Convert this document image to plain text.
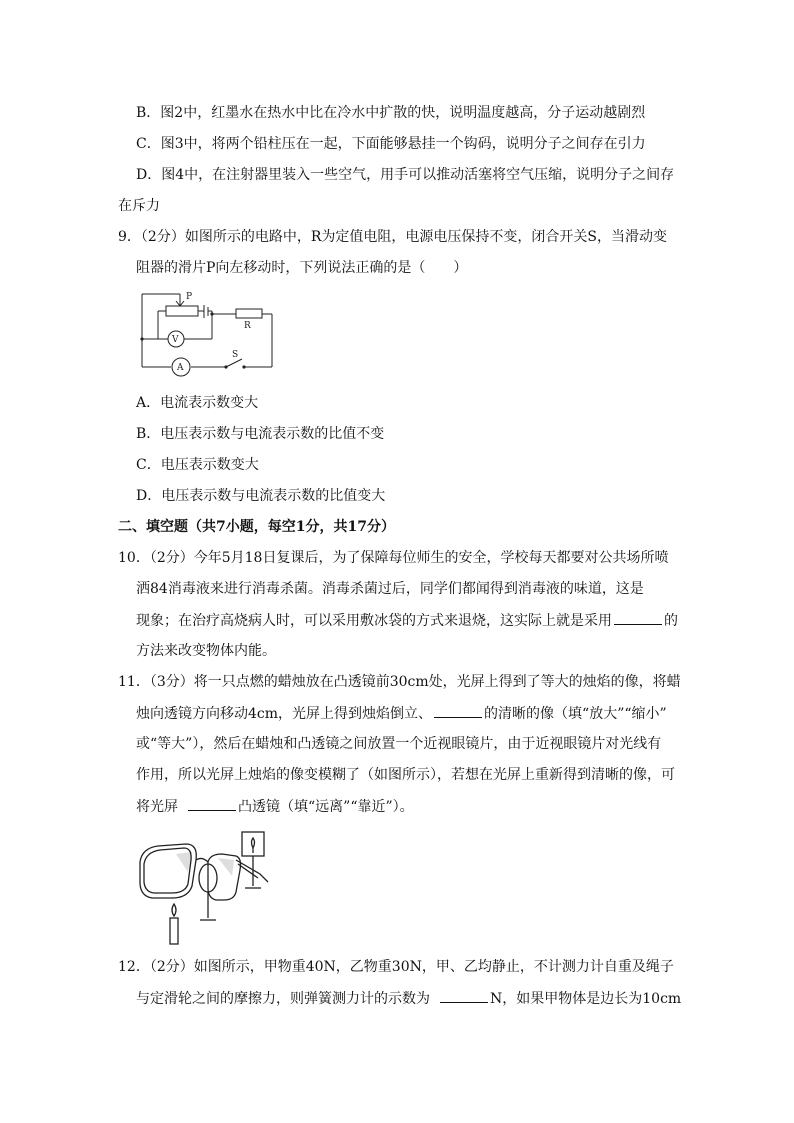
B．图2中，红墨水在热水中比在冷水中扩散的快，说明温度越高，分子运动越剧烈
C．图3中，将两个铅柱压在一起，下面能够悬挂一个钩码，说明分子之间存在引力
D．图4中，在注射器里装入一些空气，用手可以推动活塞将空气压缩，说明分子之间存
在斥力
9．（2分）如图所示的电路中，R为定值电阻，电源电压保持不变，闭合开关S，当滑动变
阻器的滑片P向左移动时，下列说法正确的是（　　）
P
R
V
A
S
A．电流表示数变大
B．电压表示数与电流表示数的比值不变
C．电压表示数变大
D．电压表示数与电流表示数的比值变大
二、填空题（共7小题，每空1分，共17分）
10．（2分）今年5月18日复课后，为了保障每位师生的安全，学校每天都要对公共场所喷
洒84消毒液来进行消毒杀菌。消毒杀菌过后，同学们都闻得到消毒液的味道，这是
现象；在治疗高烧病人时，可以采用敷冰袋的方式来退烧，这实际上就是采用	的
方法来改变物体内能。
11．（3分）将一只点燃的蜡烛放在凸透镜前30cm处，光屏上得到了等大的烛焰的像，将蜡
烛向透镜方向移动4cm，光屏上得到烛焰倒立、	的清晰的像（填“放大”“缩小”
或“等大”），然后在蜡烛和凸透镜之间放置一个近视眼镜片，由于近视眼镜片对光线有
作用，所以光屏上烛焰的像变模糊了（如图所示），若想在光屏上重新得到清晰的像，可
将光屏	凸透镜（填“远离”“靠近”）。
12．（2分）如图所示，甲物重40N，乙物重30N，甲、乙均静止，不计测力计自重及绳子
与定滑轮之间的摩擦力，则弹簧测力计的示数为	N，如果甲物体是边长为10cm
